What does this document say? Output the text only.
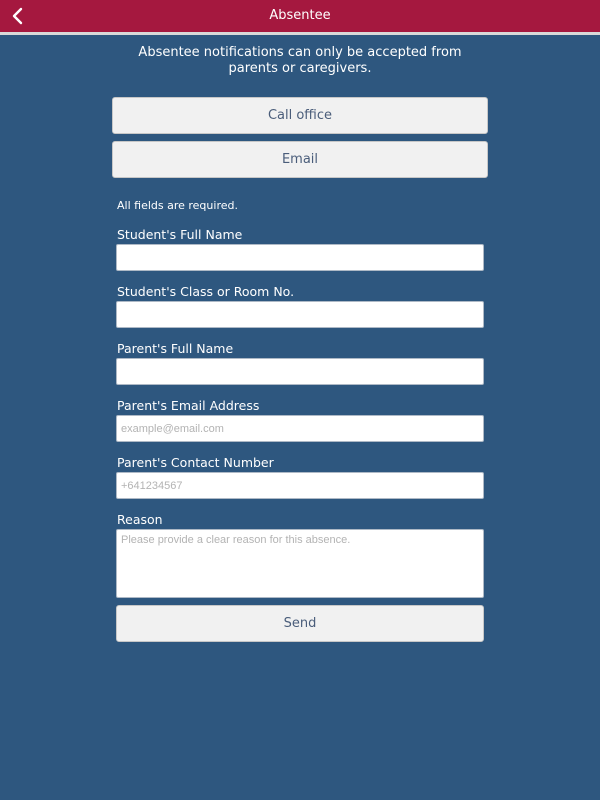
Absentee
Absentee notifications can only be accepted from parents or caregivers.
Call office
Email
All fields are required.
Student's Full Name
Student's Class or Room No.
Parent's Full Name
Parent's Email Address
example@email.com
Parent's Contact Number
+641234567
Reason
Please provide a clear reason for this absence.
Send
